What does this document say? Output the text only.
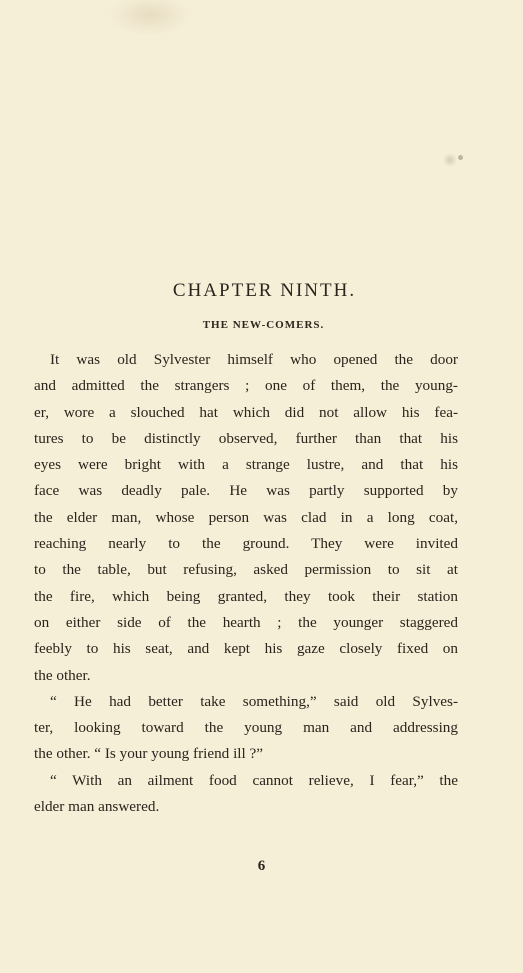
CHAPTER NINTH.
THE NEW-COMERS.
It was old Sylvester himself who opened the door
and admitted the strangers ; one of them, the young-
er, wore a slouched hat which did not allow his fea-
tures to be distinctly observed, further than that his
eyes were bright with a strange lustre, and that his
face was deadly pale. He was partly supported by
the elder man, whose person was clad in a long coat,
reaching nearly to the ground. They were invited
to the table, but refusing, asked permission to sit at
the fire, which being granted, they took their station
on either side of the hearth ; the younger staggered
feebly to his seat, and kept his gaze closely fixed on
the other.
“ He had better take something,” said old Sylves-
ter, looking toward the young man and addressing
the other. “ Is your young friend ill ?”
“ With an ailment food cannot relieve, I fear,” the
elder man answered.
6
